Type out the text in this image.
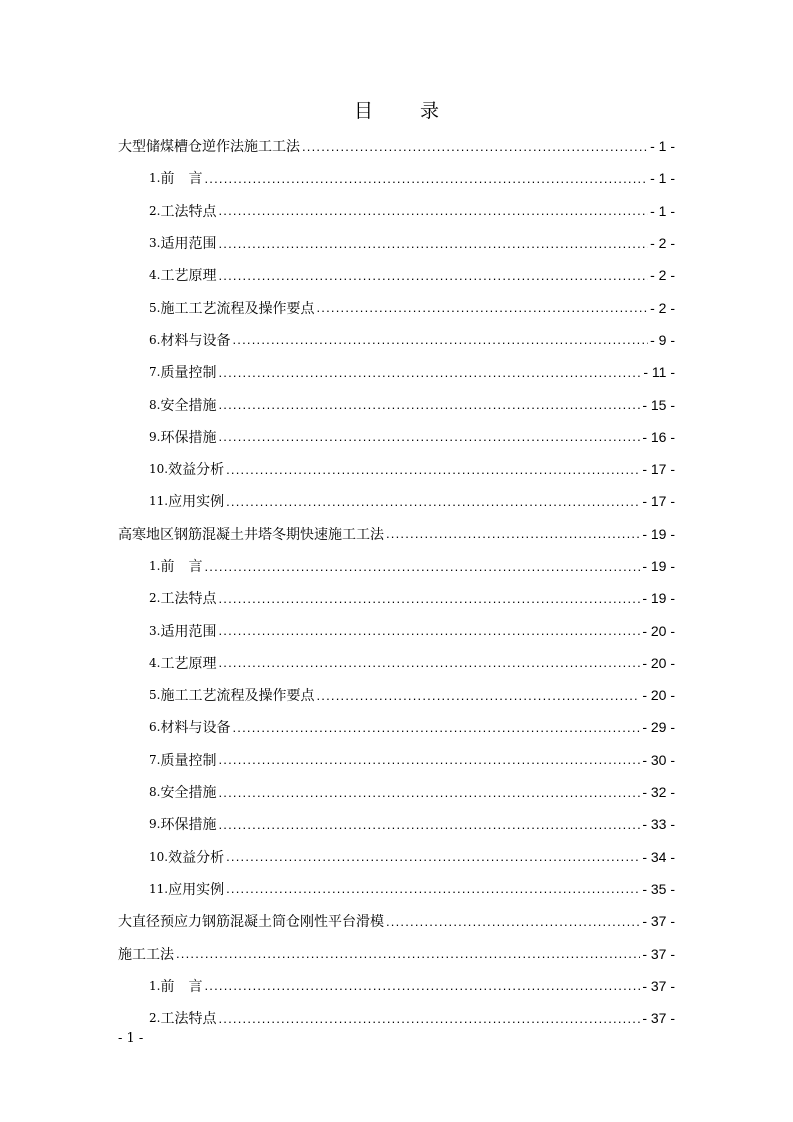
目　录
大型储煤槽仓逆作法施工工法 .....	- 1 -
1. 前　言 .....	- 1 -
2. 工法特点 .....	- 1 -
3. 适用范围 .....	- 2 -
4. 工艺原理 .....	- 2 -
5. 施工工艺流程及操作要点 .....	- 2 -
6. 材料与设备 .....	- 9 -
7. 质量控制 .....	- 11 -
8. 安全措施 .....	- 15 -
9. 环保措施 .....	- 16 -
10. 效益分析 .....	- 17 -
11. 应用实例 .....	- 17 -
高寒地区钢筋混凝土井塔冬期快速施工工法 .....	- 19 -
1. 前　言 .....	- 19 -
2. 工法特点 .....	- 19 -
3. 适用范围 .....	- 20 -
4. 工艺原理 .....	- 20 -
5. 施工工艺流程及操作要点 .....	- 20 -
6. 材料与设备 .....	- 29 -
7. 质量控制 .....	- 30 -
8. 安全措施 .....	- 32 -
9. 环保措施 .....	- 33 -
10. 效益分析 .....	- 34 -
11. 应用实例 .....	- 35 -
大直径预应力钢筋混凝土筒仓刚性平台滑模 .....	- 37 -
施工工法 .....	- 37 -
1. 前　言 .....	- 37 -
2. 工法特点 .....	- 37 -
- 1 -
